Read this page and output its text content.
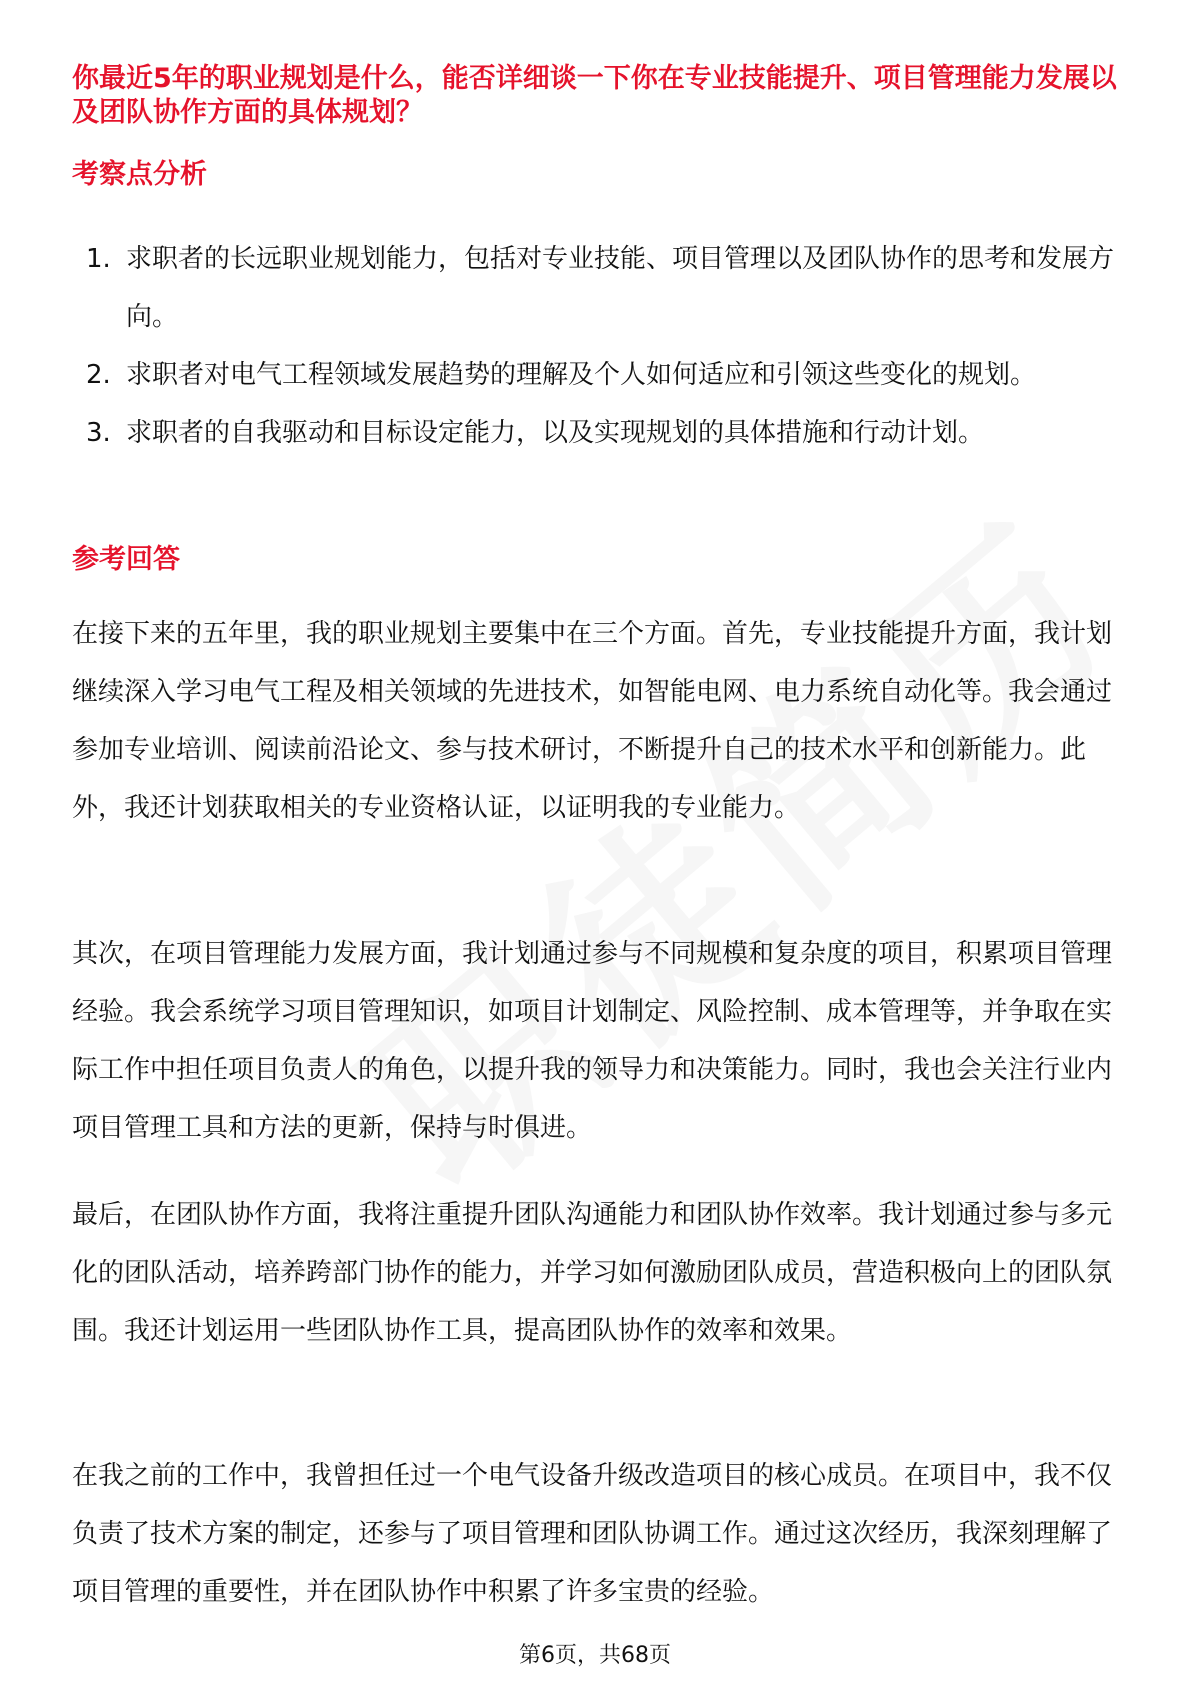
你最近5年的职业规划是什么，能否详细谈一下你在专业技能提升、项目管理能力发展以及团队协作方面的具体规划？
考察点分析
1. 求职者的长远职业规划能力，包括对专业技能、项目管理以及团队协作的思考和发展方向。
2. 求职者对电气工程领域发展趋势的理解及个人如何适应和引领这些变化的规划。
3. 求职者的自我驱动和目标设定能力，以及实现规划的具体措施和行动计划。
参考回答

在接下来的五年里，我的职业规划主要集中在三个方面。首先，专业技能提升方面，我计划继续深入学习电气工程及相关领域的先进技术，如智能电网、电力系统自动化等。我会通过参加专业培训、阅读前沿论文、参与技术研讨，不断提升自己的技术水平和创新能力。此外，我还计划获取相关的专业资格认证，以证明我的专业能力。

其次，在项目管理能力发展方面，我计划通过参与不同规模和复杂度的项目，积累项目管理经验。我会系统学习项目管理知识，如项目计划制定、风险控制、成本管理等，并争取在实际工作中担任项目负责人的角色，以提升我的领导力和决策能力。同时，我也会关注行业内项目管理工具和方法的更新，保持与时俱进。

最后，在团队协作方面，我将注重提升团队沟通能力和团队协作效率。我计划通过参与多元化的团队活动，培养跨部门协作的能力，并学习如何激励团队成员，营造积极向上的团队氛围。我还计划运用一些团队协作工具，提高团队协作的效率和效果。

在我之前的工作中，我曾担任过一个电气设备升级改造项目的核心成员。在项目中，我不仅负责了技术方案的制定，还参与了项目管理和团队协调工作。通过这次经历，我深刻理解了项目管理的重要性，并在团队协作中积累了许多宝贵的经验。

第6页，共68页
